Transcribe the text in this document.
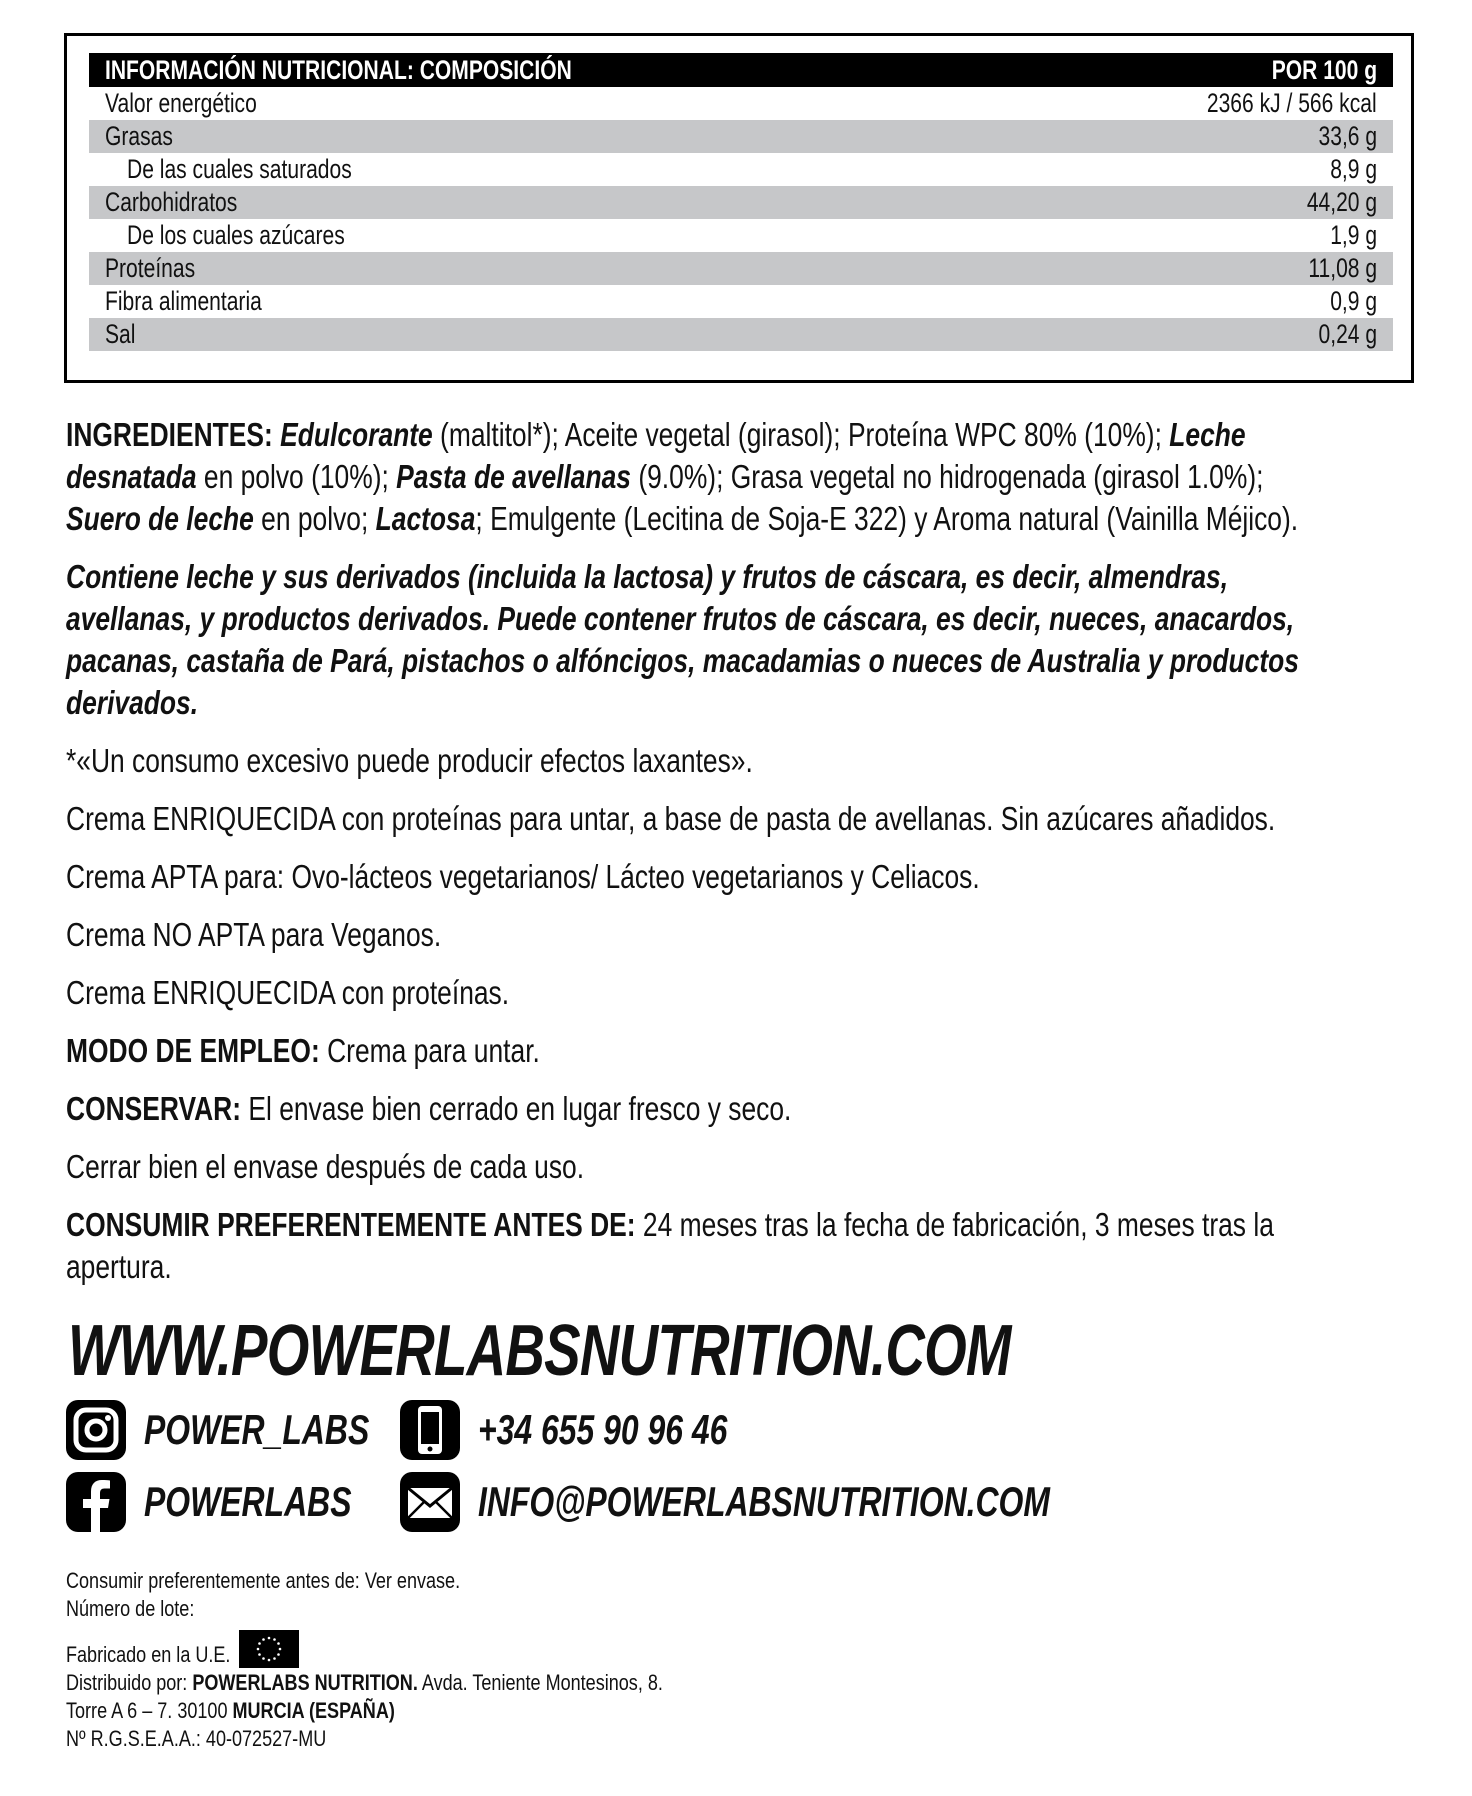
INFORMACIÓN NUTRICIONAL: COMPOSICIÓN	POR 100 g
Valor energético	2366 kJ / 566 kcal
Grasas	33,6 g
De las cuales saturados	8,9 g
Carbohidratos	44,20 g
De los cuales azúcares	1,9 g
Proteínas	11,08 g
Fibra alimentaria	0,9 g
Sal	0,24 g
INGREDIENTES: Edulcorante (maltitol*); Aceite vegetal (girasol); Proteína WPC 80% (10%); Leche
desnatada en polvo (10%); Pasta de avellanas (9.0%); Grasa vegetal no hidrogenada (girasol 1.0%);
Suero de leche en polvo; Lactosa; Emulgente (Lecitina de Soja-E 322) y Aroma natural (Vainilla Méjico).
Contiene leche y sus derivados (incluida la lactosa) y frutos de cáscara, es decir, almendras,
avellanas, y productos derivados. Puede contener frutos de cáscara, es decir, nueces, anacardos,
pacanas, castaña de Pará, pistachos o alfóncigos, macadamias o nueces de Australia y productos
derivados.
*«Un consumo excesivo puede producir efectos laxantes».
Crema ENRIQUECIDA con proteínas para untar, a base de pasta de avellanas. Sin azúcares añadidos.
Crema APTA para: Ovo-lácteos vegetarianos/ Lácteo vegetarianos y Celiacos.
Crema NO APTA para Veganos.
Crema ENRIQUECIDA con proteínas.
MODO DE EMPLEO: Crema para untar.
CONSERVAR: El envase bien cerrado en lugar fresco y seco.
Cerrar bien el envase después de cada uso.
CONSUMIR PREFERENTEMENTE ANTES DE: 24 meses tras la fecha de fabricación, 3 meses tras la
apertura.
WWW.POWERLABSNUTRITION.COM
POWER_LABS	+34 655 90 96 46
POWERLABS	INFO@POWERLABSNUTRITION.COM
Consumir preferentemente antes de: Ver envase.
Número de lote:
Fabricado en la U.E.
Distribuido por: POWERLABS NUTRITION. Avda. Teniente Montesinos, 8.
Torre A 6 – 7. 30100 MURCIA (ESPAÑA)
Nº R.G.S.E.A.A.: 40-072527-MU
